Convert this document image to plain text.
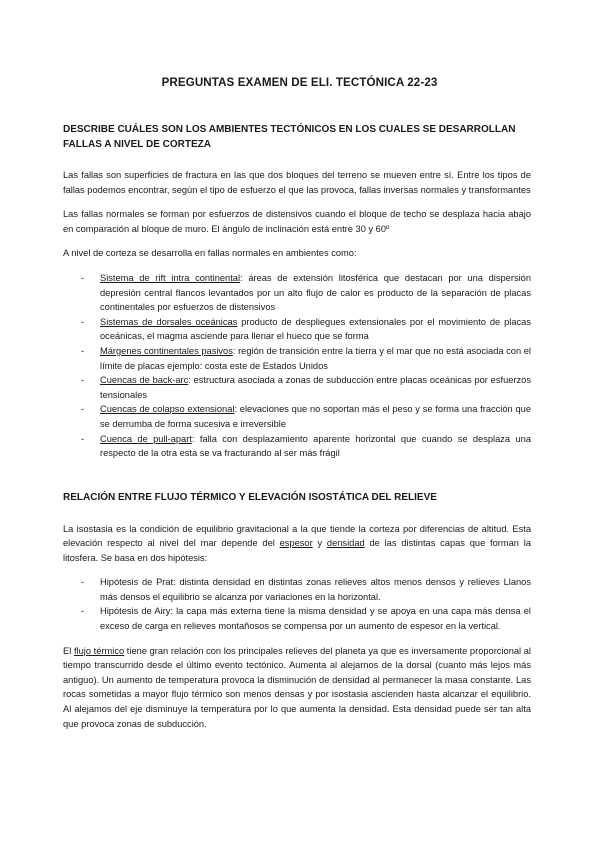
PREGUNTAS EXAMEN DE ELI. TECTÓNICA 22-23
DESCRIBE CUÁLES SON LOS AMBIENTES TECTÓNICOS EN LOS CUALES SE DESARROLLAN FALLAS A NIVEL DE CORTEZA

Las fallas son superficies de fractura en las que dos bloques del terreno se mueven entre sí. Entre los tipos de fallas podemos encontrar, según el tipo de esfuerzo el que las provoca, fallas inversas normales y transformantes

Las fallas normales se forman por esfuerzos de distensivos cuando el bloque de techo se desplaza hacia abajo en comparación al bloque de muro. El ángulo de inclinación está entre 30 y 60º

A nivel de corteza se desarrolla en fallas normales en ambientes como:

- Sistema de rift intra continental: áreas de extensión litosférica que destacan por una dispersión depresión central flancos levantados por un alto flujo de calor es producto de la separación de placas continentales por esfuerzos de distensivos
- Sistemas de dorsales oceánicas producto de despliegues extensionales por el movimiento de placas oceánicas, el magma asciende para llenar el hueco que se forma
- Márgenes continentales pasivos: región de transición entre la tierra y el mar que no está asociada con el límite de placas ejemplo: costa este de Estados Unidos
- Cuencas de back-arc: estructura asociada a zonas de subducción entre placas oceánicas por esfuerzos tensionales
- Cuencas de colapso extensional: elevaciones que no soportan más el peso y se forma una fracción que se derrumba de forma sucesiva e irreversible
- Cuenca de pull-apart: falla con desplazamiento aparente horizontal que cuando se desplaza una respecto de la otra esta se va fracturando al ser más frágil
RELACIÓN ENTRE FLUJO TÉRMICO Y ELEVACIÓN ISOSTÁTICA DEL RELIEVE

La isostasia es la condición de equilibrio gravitacional a la que tiende la corteza por diferencias de altitud. Esta elevación respecto al nivel del mar depende del espesor y densidad de las distintas capas que forman la litosfera. Se basa en dos hipótesis:

- Hipótesis de Prat: distinta densidad en distintas zonas relieves altos menos densos y relieves Llanos más densos el equilibrio se alcanza por variaciones en la horizontal.
- Hipótesis de Airy: la capa más externa tiene la misma densidad y se apoya en una capa más densa el exceso de carga en relieves montañosos se compensa por un aumento de espesor en la vertical.

El flujo térmico tiene gran relación con los principales relieves del planeta ya que es inversamente proporcional al tiempo transcurrido desde el último evento tectónico. Aumenta al alejarnos de la dorsal (cuanto más lejos más antiguo). Un aumento de temperatura provoca la disminución de densidad al permanecer la masa constante. Las rocas sometidas a mayor flujo térmico son menos densas y por isostasia ascienden hasta alcanzar el equilibrio. Al alejamos del eje disminuye la temperatura por lo que aumenta la densidad. Esta densidad puede ser tan alta que provoca zonas de subducción.
